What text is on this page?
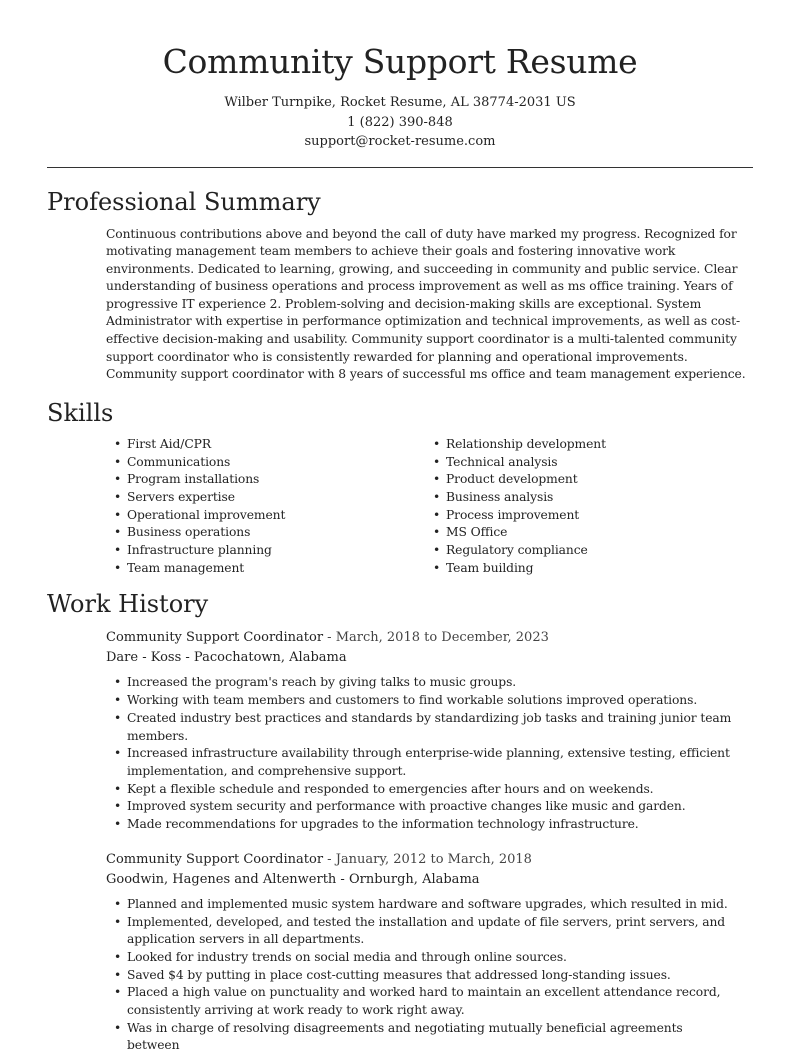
Community Support Resume
Wilber Turnpike, Rocket Resume, AL 38774-2031 US
1 (822) 390-848
support@rocket-resume.com
Professional Summary

Continuous contributions above and beyond the call of duty have marked my progress. Recognized for motivating management team members to achieve their goals and fostering innovative work environments. Dedicated to learning, growing, and succeeding in community and public service. Clear understanding of business operations and process improvement as well as ms office training. Years of progressive IT experience 2. Problem-solving and decision-making skills are exceptional. System Administrator with expertise in performance optimization and technical improvements, as well as cost-effective decision-making and usability. Community support coordinator is a multi-talented community support coordinator who is consistently rewarded for planning and operational improvements. Community support coordinator with 8 years of successful ms office and team management experience.

Skills
• First Aid/CPR
• Communications
• Program installations
• Servers expertise
• Operational improvement
• Business operations
• Infrastructure planning
• Team management
• Relationship development
• Technical analysis
• Product development
• Business analysis
• Process improvement
• MS Office
• Regulatory compliance
• Team building
Work History
Community Support Coordinator - March, 2018 to December, 2023
Dare - Koss - Pacochatown, Alabama
• Increased the program's reach by giving talks to music groups.
• Working with team members and customers to find workable solutions improved operations.
• Created industry best practices and standards by standardizing job tasks and training junior team members.
• Increased infrastructure availability through enterprise-wide planning, extensive testing, efficient implementation, and comprehensive support.
• Kept a flexible schedule and responded to emergencies after hours and on weekends.
• Improved system security and performance with proactive changes like music and garden.
• Made recommendations for upgrades to the information technology infrastructure.
Community Support Coordinator - January, 2012 to March, 2018
Goodwin, Hagenes and Altenwerth - Ornburgh, Alabama
• Planned and implemented music system hardware and software upgrades, which resulted in mid.
• Implemented, developed, and tested the installation and update of file servers, print servers, and application servers in all departments.
• Looked for industry trends on social media and through online sources.
• Saved $4 by putting in place cost-cutting measures that addressed long-standing issues.
• Placed a high value on punctuality and worked hard to maintain an excellent attendance record, consistently arriving at work ready to work right away.
• Was in charge of resolving disagreements and negotiating mutually beneficial agreements between
